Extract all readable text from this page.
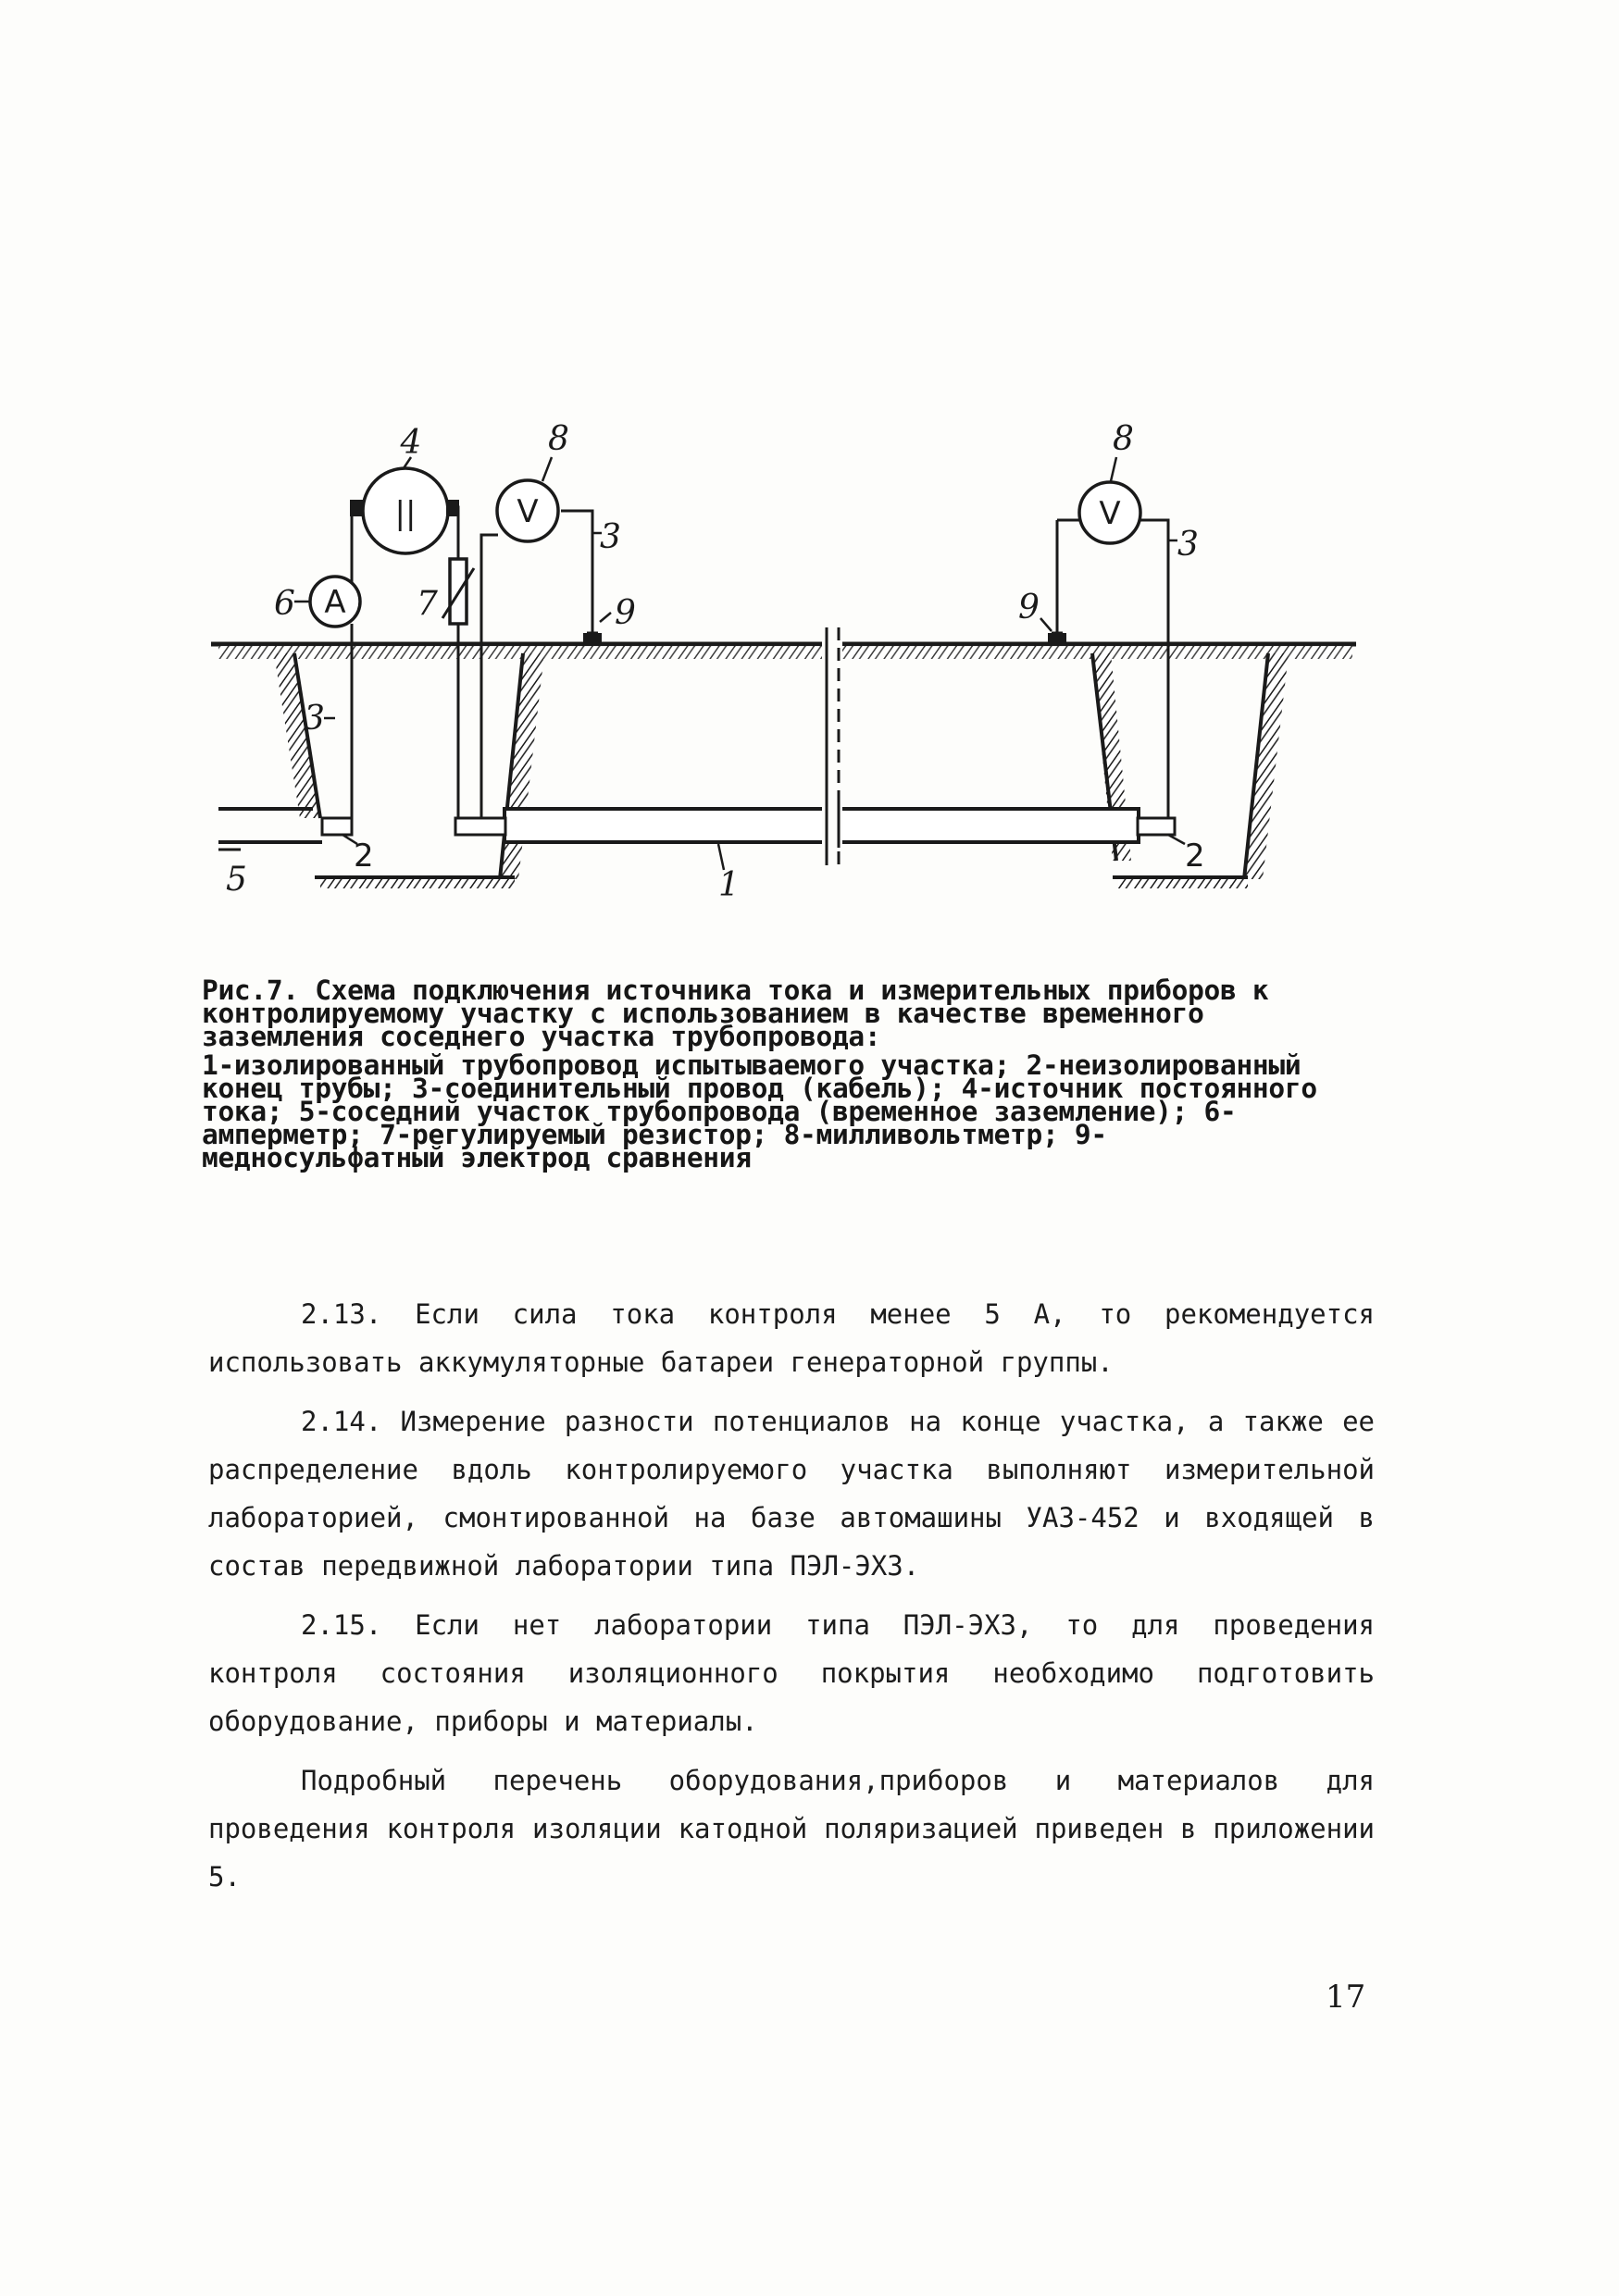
||
4
A
6	7
V
8
V
8
9	9
3	3
3
2	2
5	1

Рис.7. Схема подключения источника тока и измерительных приборов к контролируемому участку с использованием в качестве временного заземления соседнего участка трубопровода:

1-изолированный трубопровод испытываемого участка; 2-неизолированный конец трубы; 3-соединительный провод (кабель); 4-источник постоянного тока; 5-соседний участок трубопровода (временное заземление); 6-амперметр; 7-регулируемый резистор; 8-милливольтметр; 9-медносульфатный электрод сравнения

2.13. Если сила тока контроля менее 5 А, то рекомендуется использовать аккумуляторные батареи генераторной группы.

2.14. Измерение разности потенциалов на конце участка, а также ее распределение вдоль контролируемого участка выполняют измерительной лабораторией, смонтированной на базе автомашины УАЗ-452 и входящей в состав передвижной лаборатории типа ПЭЛ-ЭХЗ.

2.15. Если нет лаборатории типа ПЭЛ-ЭХЗ, то для проведения контроля состояния изоляционного покрытия необходимо подготовить оборудование, приборы и материалы.

Подробный перечень оборудования,приборов и материалов для проведения контроля изоляции катодной поляризацией приведен в приложении 5.

17
